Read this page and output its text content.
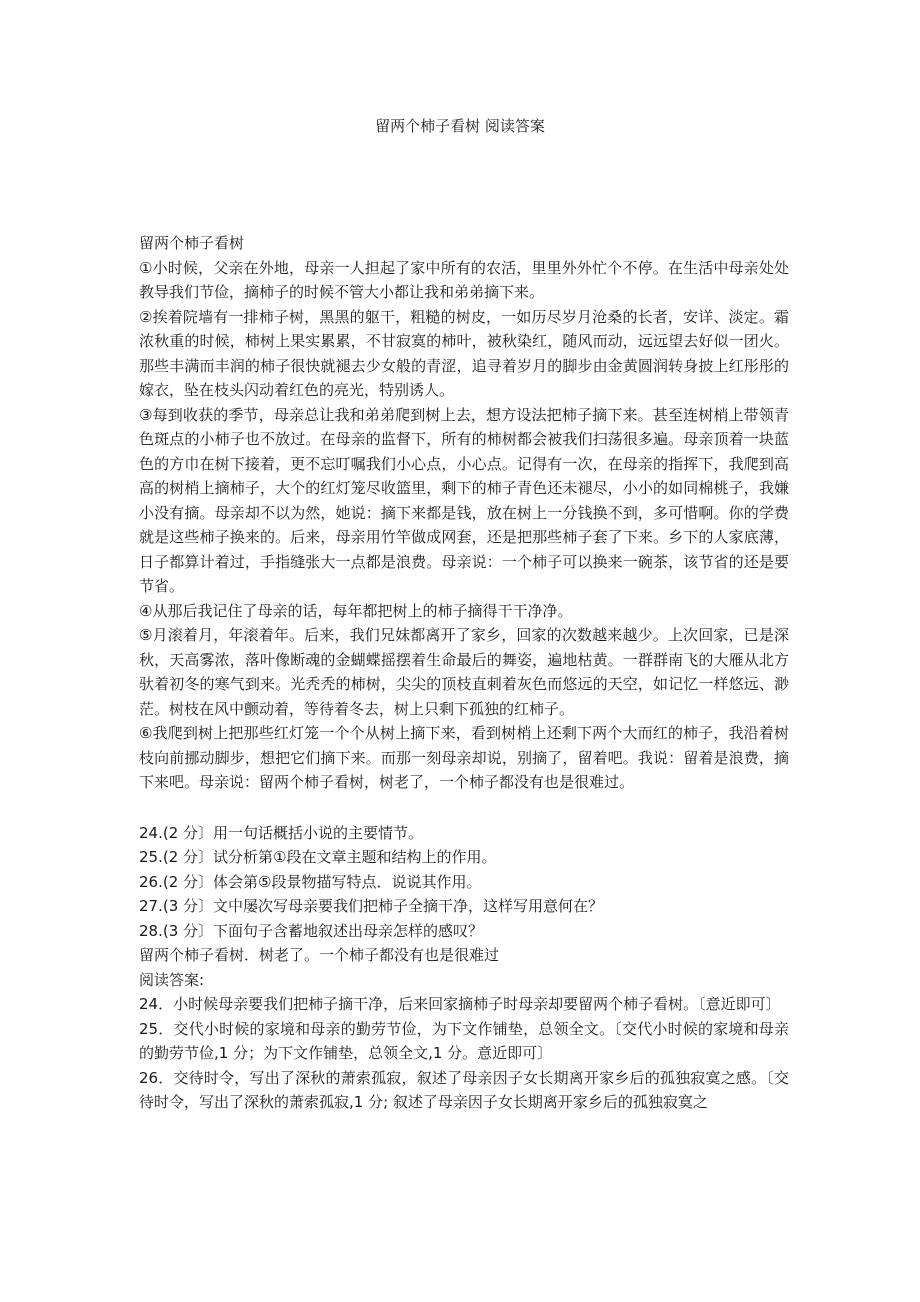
留两个柿子看树 阅读答案

留两个柿子看树

①小时候，父亲在外地，母亲一人担起了家中所有的农活，里里外外忙个不停。在生活中母亲处处教导我们节俭，摘柿子的时候不管大小都让我和弟弟摘下来。

②挨着院墙有一排柿子树，黑黑的躯干，粗糙的树皮，一如历尽岁月沧桑的长者，安详、淡定。霜浓秋重的时候，柿树上果实累累，不甘寂寞的柿叶，被秋染红，随风而动，远远望去好似一团火。那些丰满而丰润的柿子很快就褪去少女般的青涩，追寻着岁月的脚步由金黄圆润转身披上红彤彤的嫁衣，坠在枝头闪动着红色的亮光，特别诱人。

③每到收获的季节，母亲总让我和弟弟爬到树上去，想方设法把柿子摘下来。甚至连树梢上带领青色斑点的小柿子也不放过。在母亲的监督下，所有的柿树都会被我们扫荡很多遍。母亲顶着一块蓝色的方巾在树下接着，更不忘叮嘱我们小心点，小心点。记得有一次，在母亲的指挥下，我爬到高高的树梢上摘柿子，大个的红灯笼尽收篮里，剩下的柿子青色还未褪尽，小小的如同棉桃子，我嫌小没有摘。母亲却不以为然，她说：摘下来都是钱，放在树上一分钱换不到，多可惜啊。你的学费就是这些柿子换来的。后来，母亲用竹竿做成网套，还是把那些柿子套了下来。乡下的人家底薄，日子都算计着过，手指缝张大一点都是浪费。母亲说：一个柿子可以换来一碗茶，该节省的还是要节省。

④从那后我记住了母亲的话，每年都把树上的柿子摘得干干净净。

⑤月滚着月，年滚着年。后来，我们兄妹都离开了家乡，回家的次数越来越少。上次回家，已是深秋，天高雾浓，落叶像断魂的金蝴蝶摇摆着生命最后的舞姿，遍地枯黄。一群群南飞的大雁从北方驮着初冬的寒气到来。光秃秃的柿树，尖尖的顶枝直刺着灰色而悠远的天空，如记忆一样悠远、渺茫。树枝在风中颤动着，等待着冬去，树上只剩下孤独的红柿子。

⑥我爬到树上把那些红灯笼一个个从树上摘下来，看到树梢上还剩下两个大而红的柿子，我沿着树枝向前挪动脚步，想把它们摘下来。而那一刻母亲却说，别摘了，留着吧。我说：留着是浪费，摘下来吧。母亲说：留两个柿子看树，树老了，一个柿子都没有也是很难过。

24.(2 分〕用一句话概括小说的主要情节。

25.(2 分〕试分析第①段在文章主题和结构上的作用。

26.(2 分〕体会第⑤段景物描写特点．说说其作用。

27.(3 分〕文中屡次写母亲要我们把柿子全摘干净，这样写用意何在？

28.(3 分〕下面句子含蓄地叙述出母亲怎样的感叹？

留两个柿子看树．树老了。一个柿子都没有也是很难过

阅读答案:

24．小时候母亲要我们把柿子摘干净，后来回家摘柿子时母亲却要留两个柿子看树。〔意近即可〕

25．交代小时候的家境和母亲的勤劳节俭，为下文作铺垫，总领全文。〔交代小时候的家境和母亲的勤劳节俭,1 分；为下文作铺垫，总领全文,1 分。意近即可〕

26．交待时令，写出了深秋的萧索孤寂，叙述了母亲因子女长期离开家乡后的孤独寂寞之感。〔交待时令，写出了深秋的萧索孤寂,1 分; 叙述了母亲因子女长期离开家乡后的孤独寂寞之
